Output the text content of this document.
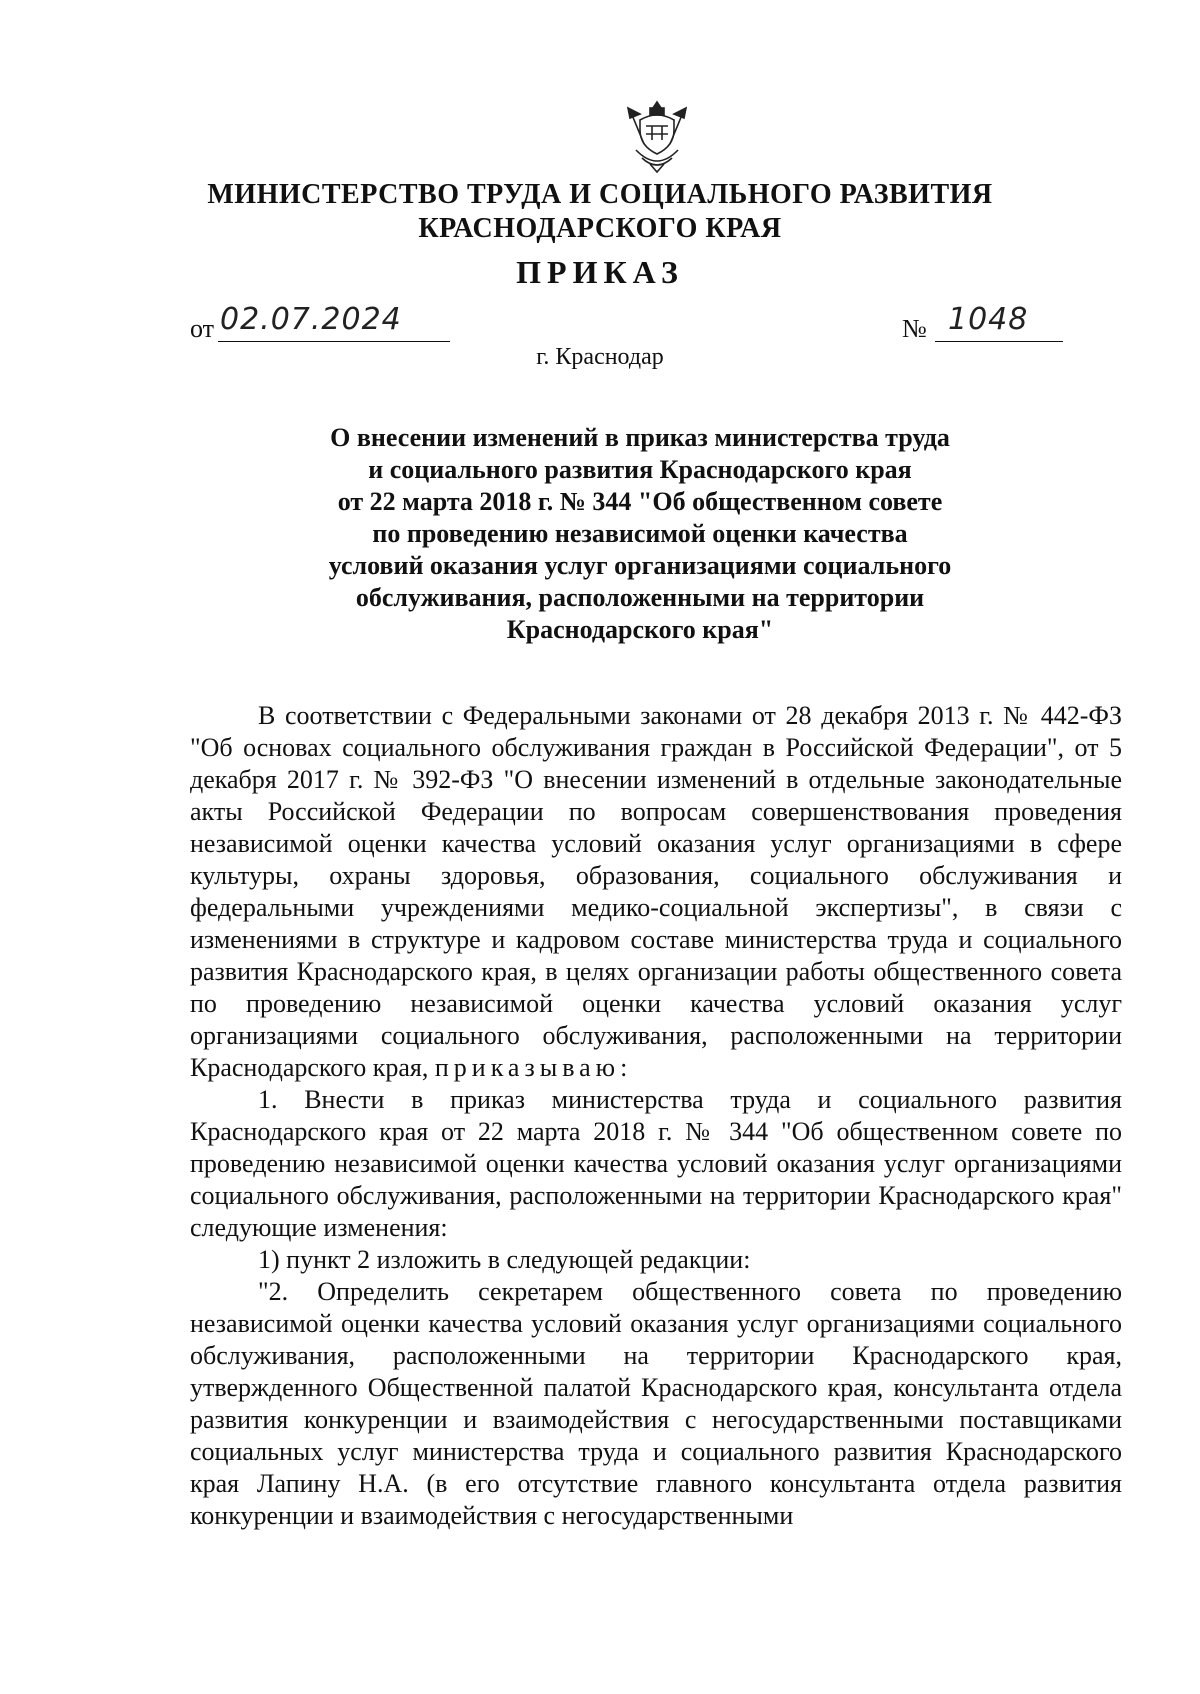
МИНИСТЕРСТВО ТРУДА И СОЦИАЛЬНОГО РАЗВИТИЯ
КРАСНОДАРСКОГО КРАЯ
ПРИКАЗ
от 02.07.2024	№ 1048
г. Краснодар
О внесении изменений в приказ министерства труда
и социального развития Краснодарского края
от 22 марта 2018 г. № 344 "Об общественном совете
по проведению независимой оценки качества
условий оказания услуг организациями социального
обслуживания, расположенными на территории
Краснодарского края"

В соответствии с Федеральными законами от 28 декабря 2013 г. № 442-ФЗ "Об основах социального обслуживания граждан в Российской Федерации", от 5 декабря 2017 г. № 392-ФЗ "О внесении изменений в отдельные законодательные акты Российской Федерации по вопросам совершенствования проведения независимой оценки качества условий оказания услуг организациями в сфере культуры, охраны здоровья, образования, социального обслуживания и федеральными учреждениями медико-социальной экспертизы", в связи с изменениями в структуре и кадровом составе министерства труда и социального развития Краснодарского края, в целях организации работы общественного совета по проведению независимой оценки качества условий оказания услуг организациями социального обслуживания, расположенными на территории Краснодарского края, приказываю:

1. Внести в приказ министерства труда и социального развития Краснодарского края от 22 марта 2018 г. № 344 "Об общественном совете по проведению независимой оценки качества условий оказания услуг организациями социального обслуживания, расположенными на территории Краснодарского края" следующие изменения:

1) пункт 2 изложить в следующей редакции:

"2. Определить секретарем общественного совета по проведению независимой оценки качества условий оказания услуг организациями социального обслуживания, расположенными на территории Краснодарского края, утвержденного Общественной палатой Краснодарского края, консультанта отдела развития конкуренции и взаимодействия с негосударственными поставщиками социальных услуг министерства труда и социального развития Краснодарского края Лапину Н.А. (в его отсутствие главного консультанта отдела развития конкуренции и взаимодействия с негосударственными
